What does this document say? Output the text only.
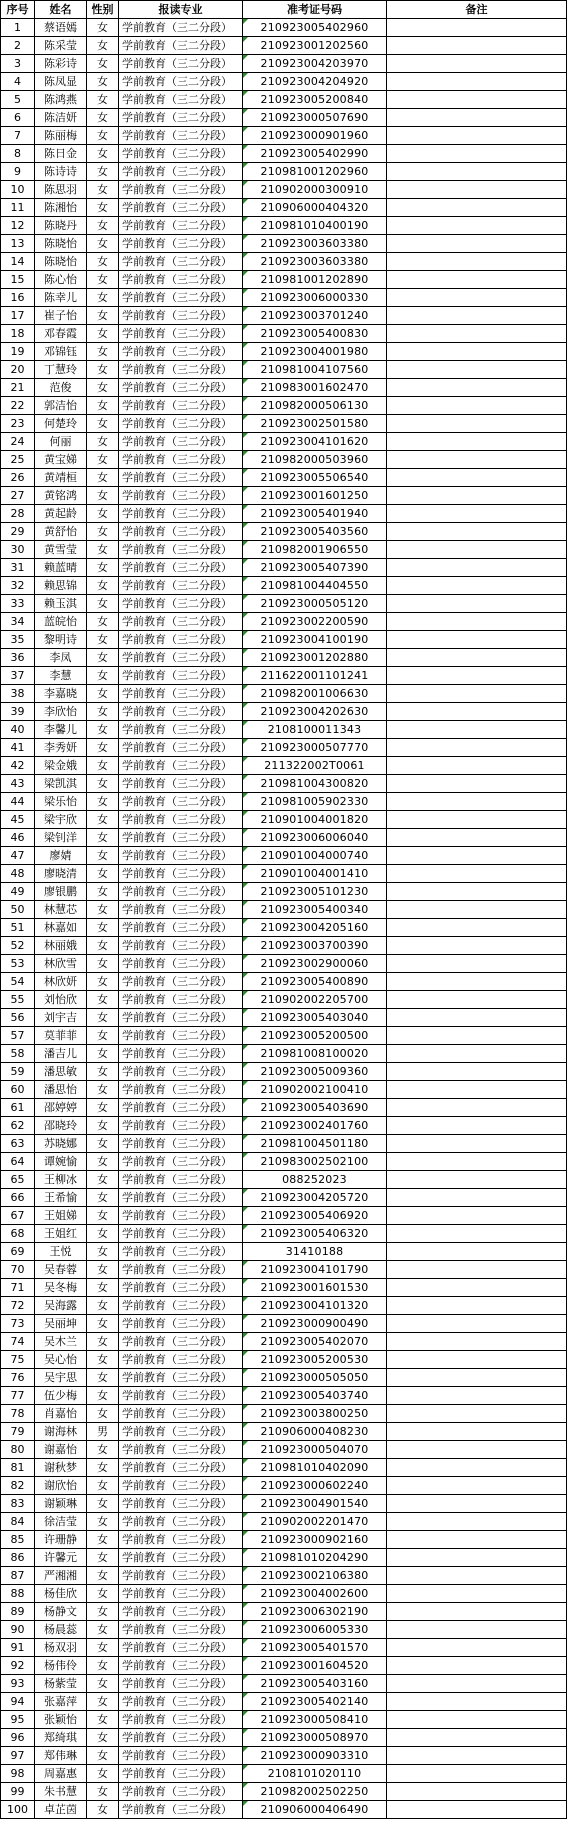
序号	姓名	性别	报读专业	准考证号码	备注
1	蔡语嫣	女	学前教育（三二分段）	210923005402960	
2	陈采莹	女	学前教育（三二分段）	210923001202560	
3	陈彩诗	女	学前教育（三二分段）	210923004203970	
4	陈凤显	女	学前教育（三二分段）	210923004204920	
5	陈鸿燕	女	学前教育（三二分段）	210923005200840	
6	陈洁妍	女	学前教育（三二分段）	210923000507690	
7	陈丽梅	女	学前教育（三二分段）	210923000901960	
8	陈日金	女	学前教育（三二分段）	210923005402990	
9	陈诗诗	女	学前教育（三二分段）	210981001202960	
10	陈思羽	女	学前教育（三二分段）	210902000300910	
11	陈湘怡	女	学前教育（三二分段）	210906000404320	
12	陈晓丹	女	学前教育（三二分段）	210981010400190	
13	陈晓怡	女	学前教育（三二分段）	210923003603380	
14	陈晓怡	女	学前教育（三二分段）	210923003603380	
15	陈心怡	女	学前教育（三二分段）	210981001202890	
16	陈幸儿	女	学前教育（三二分段）	210923006000330	
17	崔子怡	女	学前教育（三二分段）	210923003701240	
18	邓春霞	女	学前教育（三二分段）	210923005400830	
19	邓锦钰	女	学前教育（三二分段）	210923004001980	
20	丁慧玲	女	学前教育（三二分段）	210981004107560	
21	范俊	女	学前教育（三二分段）	210983001602470	
22	郭洁怡	女	学前教育（三二分段）	210982000506130	
23	何楚玲	女	学前教育（三二分段）	210923002501580	
24	何丽	女	学前教育（三二分段）	210923004101620	
25	黄宝娣	女	学前教育（三二分段）	210982000503960	
26	黄靖桓	女	学前教育（三二分段）	210923005506540	
27	黄铭鸿	女	学前教育（三二分段）	210923001601250	
28	黄起龄	女	学前教育（三二分段）	210923005401940	
29	黄舒怡	女	学前教育（三二分段）	210923005403560	
30	黄雪莹	女	学前教育（三二分段）	210982001906550	
31	赖蓝晴	女	学前教育（三二分段）	210923005407390	
32	赖思锦	女	学前教育（三二分段）	210981004404550	
33	赖玉淇	女	学前教育（三二分段）	210923000505120	
34	蓝皖怡	女	学前教育（三二分段）	210923002200590	
35	黎明诗	女	学前教育（三二分段）	210923004100190	
36	李凤	女	学前教育（三二分段）	210923001202880	
37	李慧	女	学前教育（三二分段）	211622001101241	
38	李嘉晓	女	学前教育（三二分段）	210982001006630	
39	李欣怡	女	学前教育（三二分段）	210923004202630	
40	李馨儿	女	学前教育（三二分段）	2108100011343	
41	李秀妍	女	学前教育（三二分段）	210923000507770	
42	梁金娥	女	学前教育（三二分段）	211322002T0061	
43	梁凯淇	女	学前教育（三二分段）	210981004300820	
44	梁乐怡	女	学前教育（三二分段）	210981005902330	
45	梁宇欣	女	学前教育（三二分段）	210901004001820	
46	梁钊洋	女	学前教育（三二分段）	210923006006040	
47	廖婧	女	学前教育（三二分段）	210901004000740	
48	廖晓清	女	学前教育（三二分段）	210901004001410	
49	廖银鹏	女	学前教育（三二分段）	210923005101230	
50	林慧芯	女	学前教育（三二分段）	210923005400340	
51	林嘉如	女	学前教育（三二分段）	210923004205160	
52	林丽娥	女	学前教育（三二分段）	210923003700390	
53	林欣雪	女	学前教育（三二分段）	210923002900060	
54	林欣妍	女	学前教育（三二分段）	210923005400890	
55	刘怡欣	女	学前教育（三二分段）	210902002205700	
56	刘宇吉	女	学前教育（三二分段）	210923005403040	
57	莫菲菲	女	学前教育（三二分段）	210923005200500	
58	潘吉儿	女	学前教育（三二分段）	210981008100020	
59	潘思敏	女	学前教育（三二分段）	210923005009360	
60	潘思怡	女	学前教育（三二分段）	210902002100410	
61	邵婷婷	女	学前教育（三二分段）	210923005403690	
62	邵晓玲	女	学前教育（三二分段）	210923002401760	
63	苏晓娜	女	学前教育（三二分段）	210981004501180	
64	谭婉愉	女	学前教育（三二分段）	210983002502100	
65	王柳冰	女	学前教育（三二分段）	088252023	
66	王希愉	女	学前教育（三二分段）	210923004205720	
67	王姐娣	女	学前教育（三二分段）	210923005406920	
68	王姐红	女	学前教育（三二分段）	210923005406320	
69	王悦	女	学前教育（三二分段）	31410188	
70	吴春蓉	女	学前教育（三二分段）	210923004101790	
71	吴冬梅	女	学前教育（三二分段）	210923001601530	
72	吴海露	女	学前教育（三二分段）	210923004101320	
73	吴丽坤	女	学前教育（三二分段）	210923000900490	
74	吴木兰	女	学前教育（三二分段）	210923005402070	
75	吴心怡	女	学前教育（三二分段）	210923005200530	
76	吴宇思	女	学前教育（三二分段）	210923000505050	
77	伍少梅	女	学前教育（三二分段）	210923005403740	
78	肖嘉怡	女	学前教育（三二分段）	210923003800250	
79	谢海林	男	学前教育（三二分段）	210906000408230	
80	谢嘉怡	女	学前教育（三二分段）	210923000504070	
81	谢秋梦	女	学前教育（三二分段）	210981010402090	
82	谢欣怡	女	学前教育（三二分段）	210923000602240	
83	谢颖琳	女	学前教育（三二分段）	210923004901540	
84	徐洁莹	女	学前教育（三二分段）	210902002201470	
85	许珊静	女	学前教育（三二分段）	210923000902160	
86	许馨元	女	学前教育（三二分段）	210981010204290	
87	严湘湘	女	学前教育（三二分段）	210923002106380	
88	杨佳欣	女	学前教育（三二分段）	210923004002600	
89	杨静文	女	学前教育（三二分段）	210923006302190	
90	杨晨蕊	女	学前教育（三二分段）	210923006005330	
91	杨双羽	女	学前教育（三二分段）	210923005401570	
92	杨伟伶	女	学前教育（三二分段）	210923001604520	
93	杨紫莹	女	学前教育（三二分段）	210923005403160	
94	张嘉萍	女	学前教育（三二分段）	210923005402140	
95	张颖怡	女	学前教育（三二分段）	210923000508410	
96	郑绮琪	女	学前教育（三二分段）	210923000508970	
97	郑伟琳	女	学前教育（三二分段）	210923000903310	
98	周嘉惠	女	学前教育（三二分段）	2108101020110	
99	朱书慧	女	学前教育（三二分段）	210982002502250	
100	卓芷茵	女	学前教育（三二分段）	210906000406490	
